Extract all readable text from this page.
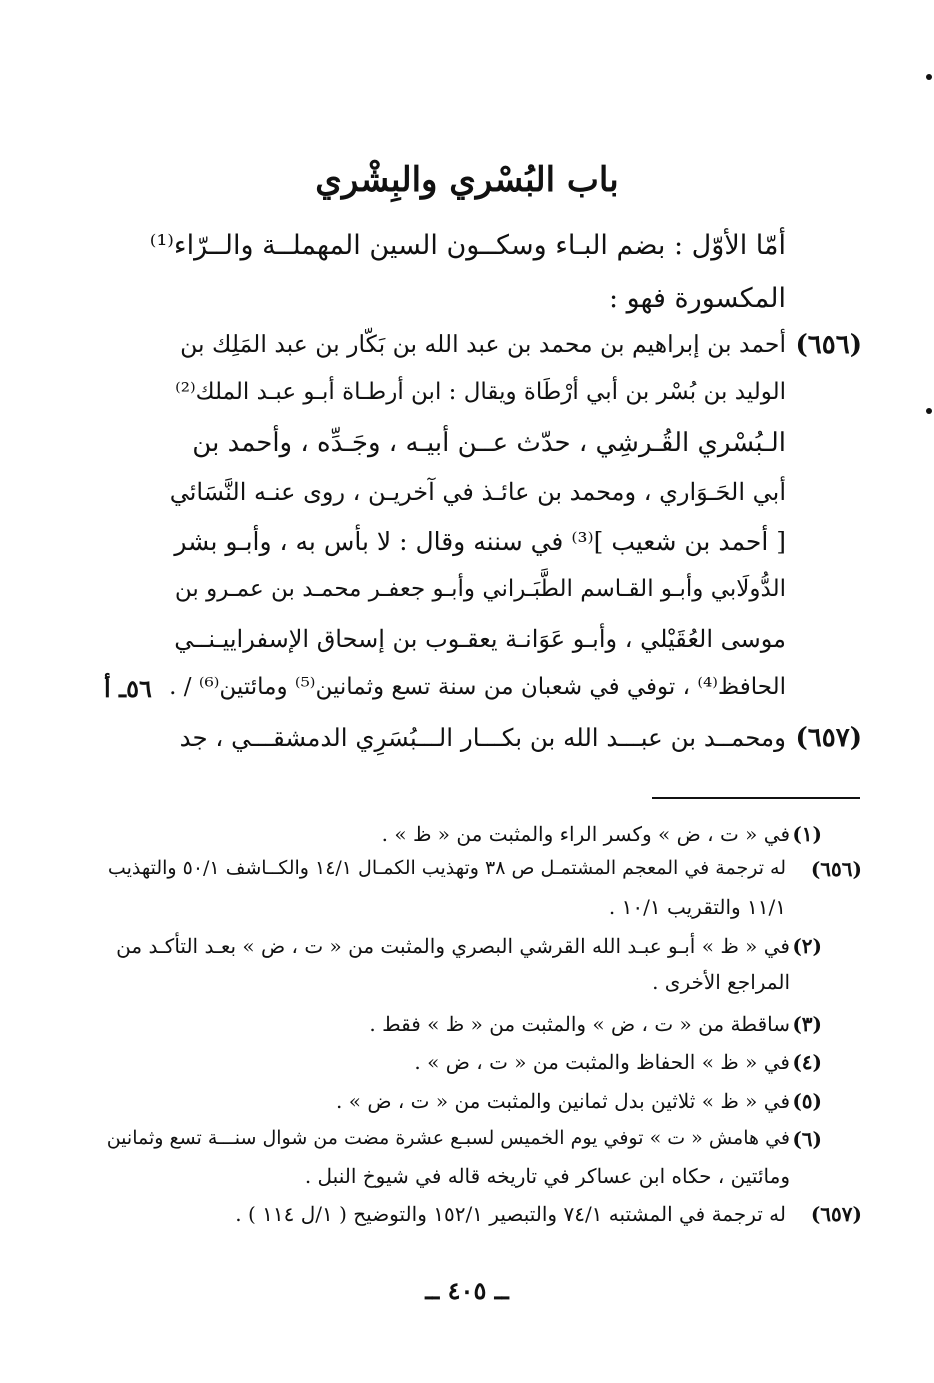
باب البُسْري والبِشْري
أمّا الأوّل : بضم البـاء وسكــون السين المهملــة والــرّاء⁽¹⁾
المكسورة فهو :
(٦٥٦)
أحمد بن إبراهيم بن محمد بن عبد الله بن بَكّار بن عبد المَلِك بن
الوليد بن بُسْر بن أبي أرْطَاة ويقال : ابن أرطـاة أبـو عبـد الملك⁽²⁾
الـبُسْري القُـرشِي ، حدّث عــن أبيـه ، وجَـدِّه ، وأحمد بن
أبي الحَـوَاري ، ومحمد بن عائـذ في آخريـن ، روى عنـه النَّسَائي
[ أحمد بن شعيب ]⁽³⁾ في سننه وقال : لا بأس به ، وأبـو بشر
الدُّولَابي وأبـو القـاسم الطَّبَـراني وأبـو جعفـر محمـد بن عمـرو بن
موسى العُقَيْلي ، وأبـو عَوَانـة يعقـوب بن إسحاق الإسفراييـنــي
الحافظ⁽⁴⁾ ، توفي في شعبان من سنة تسع وثمانين⁽⁵⁾ ومائتين⁽⁶⁾ / .
٥٦ـ أ
(٦٥٧)
ومحمــد بن عبـــد الله بن بكـــار الـــبُسَرِي الدمشقـــي ، جد
(١)
في « ت ، ض » وكسر الراء والمثبت من « ظ » .
(٦٥٦)
له ترجمة في المعجم المشتمـل ص ٣٨ وتهذيب الكمـال ١٤/١ والكــاشف ٥٠/١ والتهذيب
١١/١ والتقريب ١٠/١ .
(٢)
في « ظ » أبـو عبـد الله القرشي البصري والمثبت من « ت ، ض » بعـد التأكـد من
المراجع الأخرى .
(٣)
ساقطة من « ت ، ض » والمثبت من « ظ » فقط .
(٤)
في « ظ » الحفاظ والمثبت من « ت ، ض » .
(٥)
في « ظ » ثلاثين بدل ثمانين والمثبت من « ت ، ض » .
(٦)
في هامش « ت » توفي يوم الخميس لسبـع عشرة مضت من شوال سنـــة تسع وثمانين
ومائتين ، حكاه ابن عساكر في تاريخه قاله في شيوخ النبل .
(٦٥٧)
له ترجمة في المشتبه ٧٤/١ والتبصير ١٥٢/١ والتوضيح ( ١/ل ١١٤ ) .
ــ ٤٠٥ ــ
